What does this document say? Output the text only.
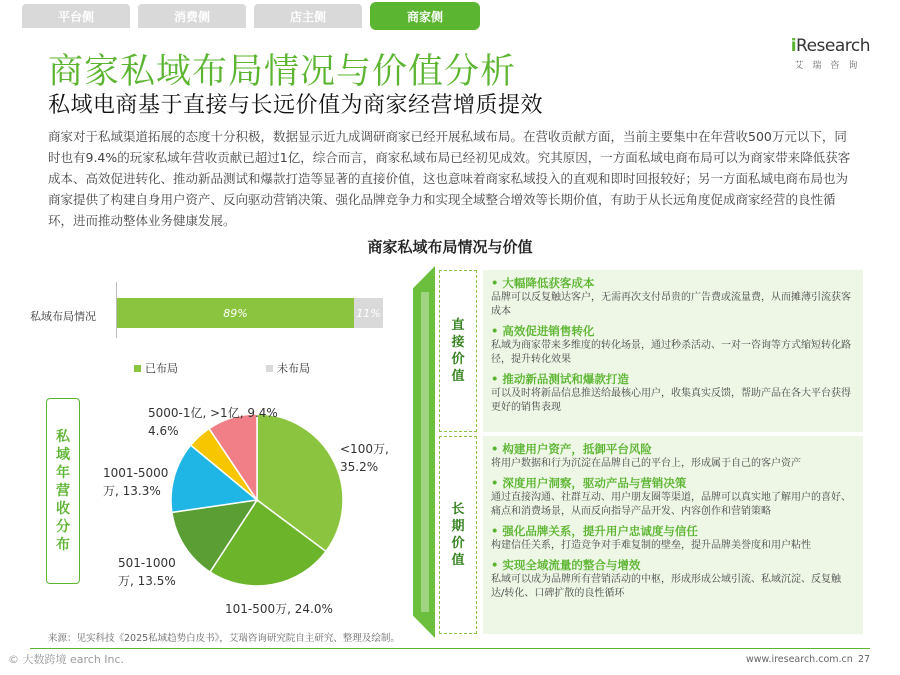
平台侧	消费侧	店主侧	商家侧
iResearch
艾瑞咨询
商家私域布局情况与价值分析
私域电商基于直接与长远价值为商家经营增质提效
商家对于私域渠道拓展的态度十分积极，数据显示近九成调研商家已经开展私域布局。在营收贡献方面，当前主要集中在年营收500万元以下，同时也有9.4%的玩家私域年营收贡献已超过1亿，综合而言，商家私域布局已经初见成效。究其原因，一方面私域电商布局可以为商家带来降低获客成本、高效促进转化、推动新品测试和爆款打造等显著的直接价值，这也意味着商家私域投入的直观和即时回报较好；另一方面私域电商布局也为商家提供了构建自身用户资产、反向驱动营销决策、强化品牌竞争力和实现全域整合增效等长期价值，有助于从长远角度促成商家经营的良性循环，进而推动整体业务健康发展。
商家私域布局情况与价值
私域布局情况	89%	11%
已布局	未布局
私
域
年
营
收
分
布
<100万,
35.2%
101-500万, 24.0%
501-1000
万, 13.5%
1001-5000
万, 13.3%
5000-1亿,
4.6%
>1亿, 9.4%
直
接
价
值
• 大幅降低获客成本
品牌可以反复触达客户，无需再次支付昂贵的广告费或流量费，从而摊薄引流获客成本
• 高效促进销售转化
私域为商家带来多维度的转化场景，通过秒杀活动、一对一咨询等方式缩短转化路径，提升转化效果
• 推动新品测试和爆款打造
可以及时将新品信息推送给最核心用户，收集真实反馈，帮助产品在各大平台获得更好的销售表现
长
期
价
值
• 构建用户资产，抵御平台风险
将用户数据和行为沉淀在品牌自己的平台上，形成属于自己的客户资产
• 深度用户洞察，驱动产品与营销决策
通过直接沟通、社群互动、用户朋友圈等渠道，品牌可以真实地了解用户的喜好、痛点和消费场景，从而反向指导产品开发、内容创作和营销策略
• 强化品牌关系，提升用户忠诚度与信任
构建信任关系，打造竞争对手难复制的壁垒，提升品牌美誉度和用户粘性
• 实现全域流量的整合与增效
私域可以成为品牌所有营销活动的中枢，形成形成公域引流、私域沉淀、反复触达/转化、口碑扩散的良性循环
来源：见实科技《2025私域趋势白皮书》，艾瑞咨询研究院自主研究、整理及绘制。
© 大数跨境 earch Inc.	www.iresearch.com.cn 27
